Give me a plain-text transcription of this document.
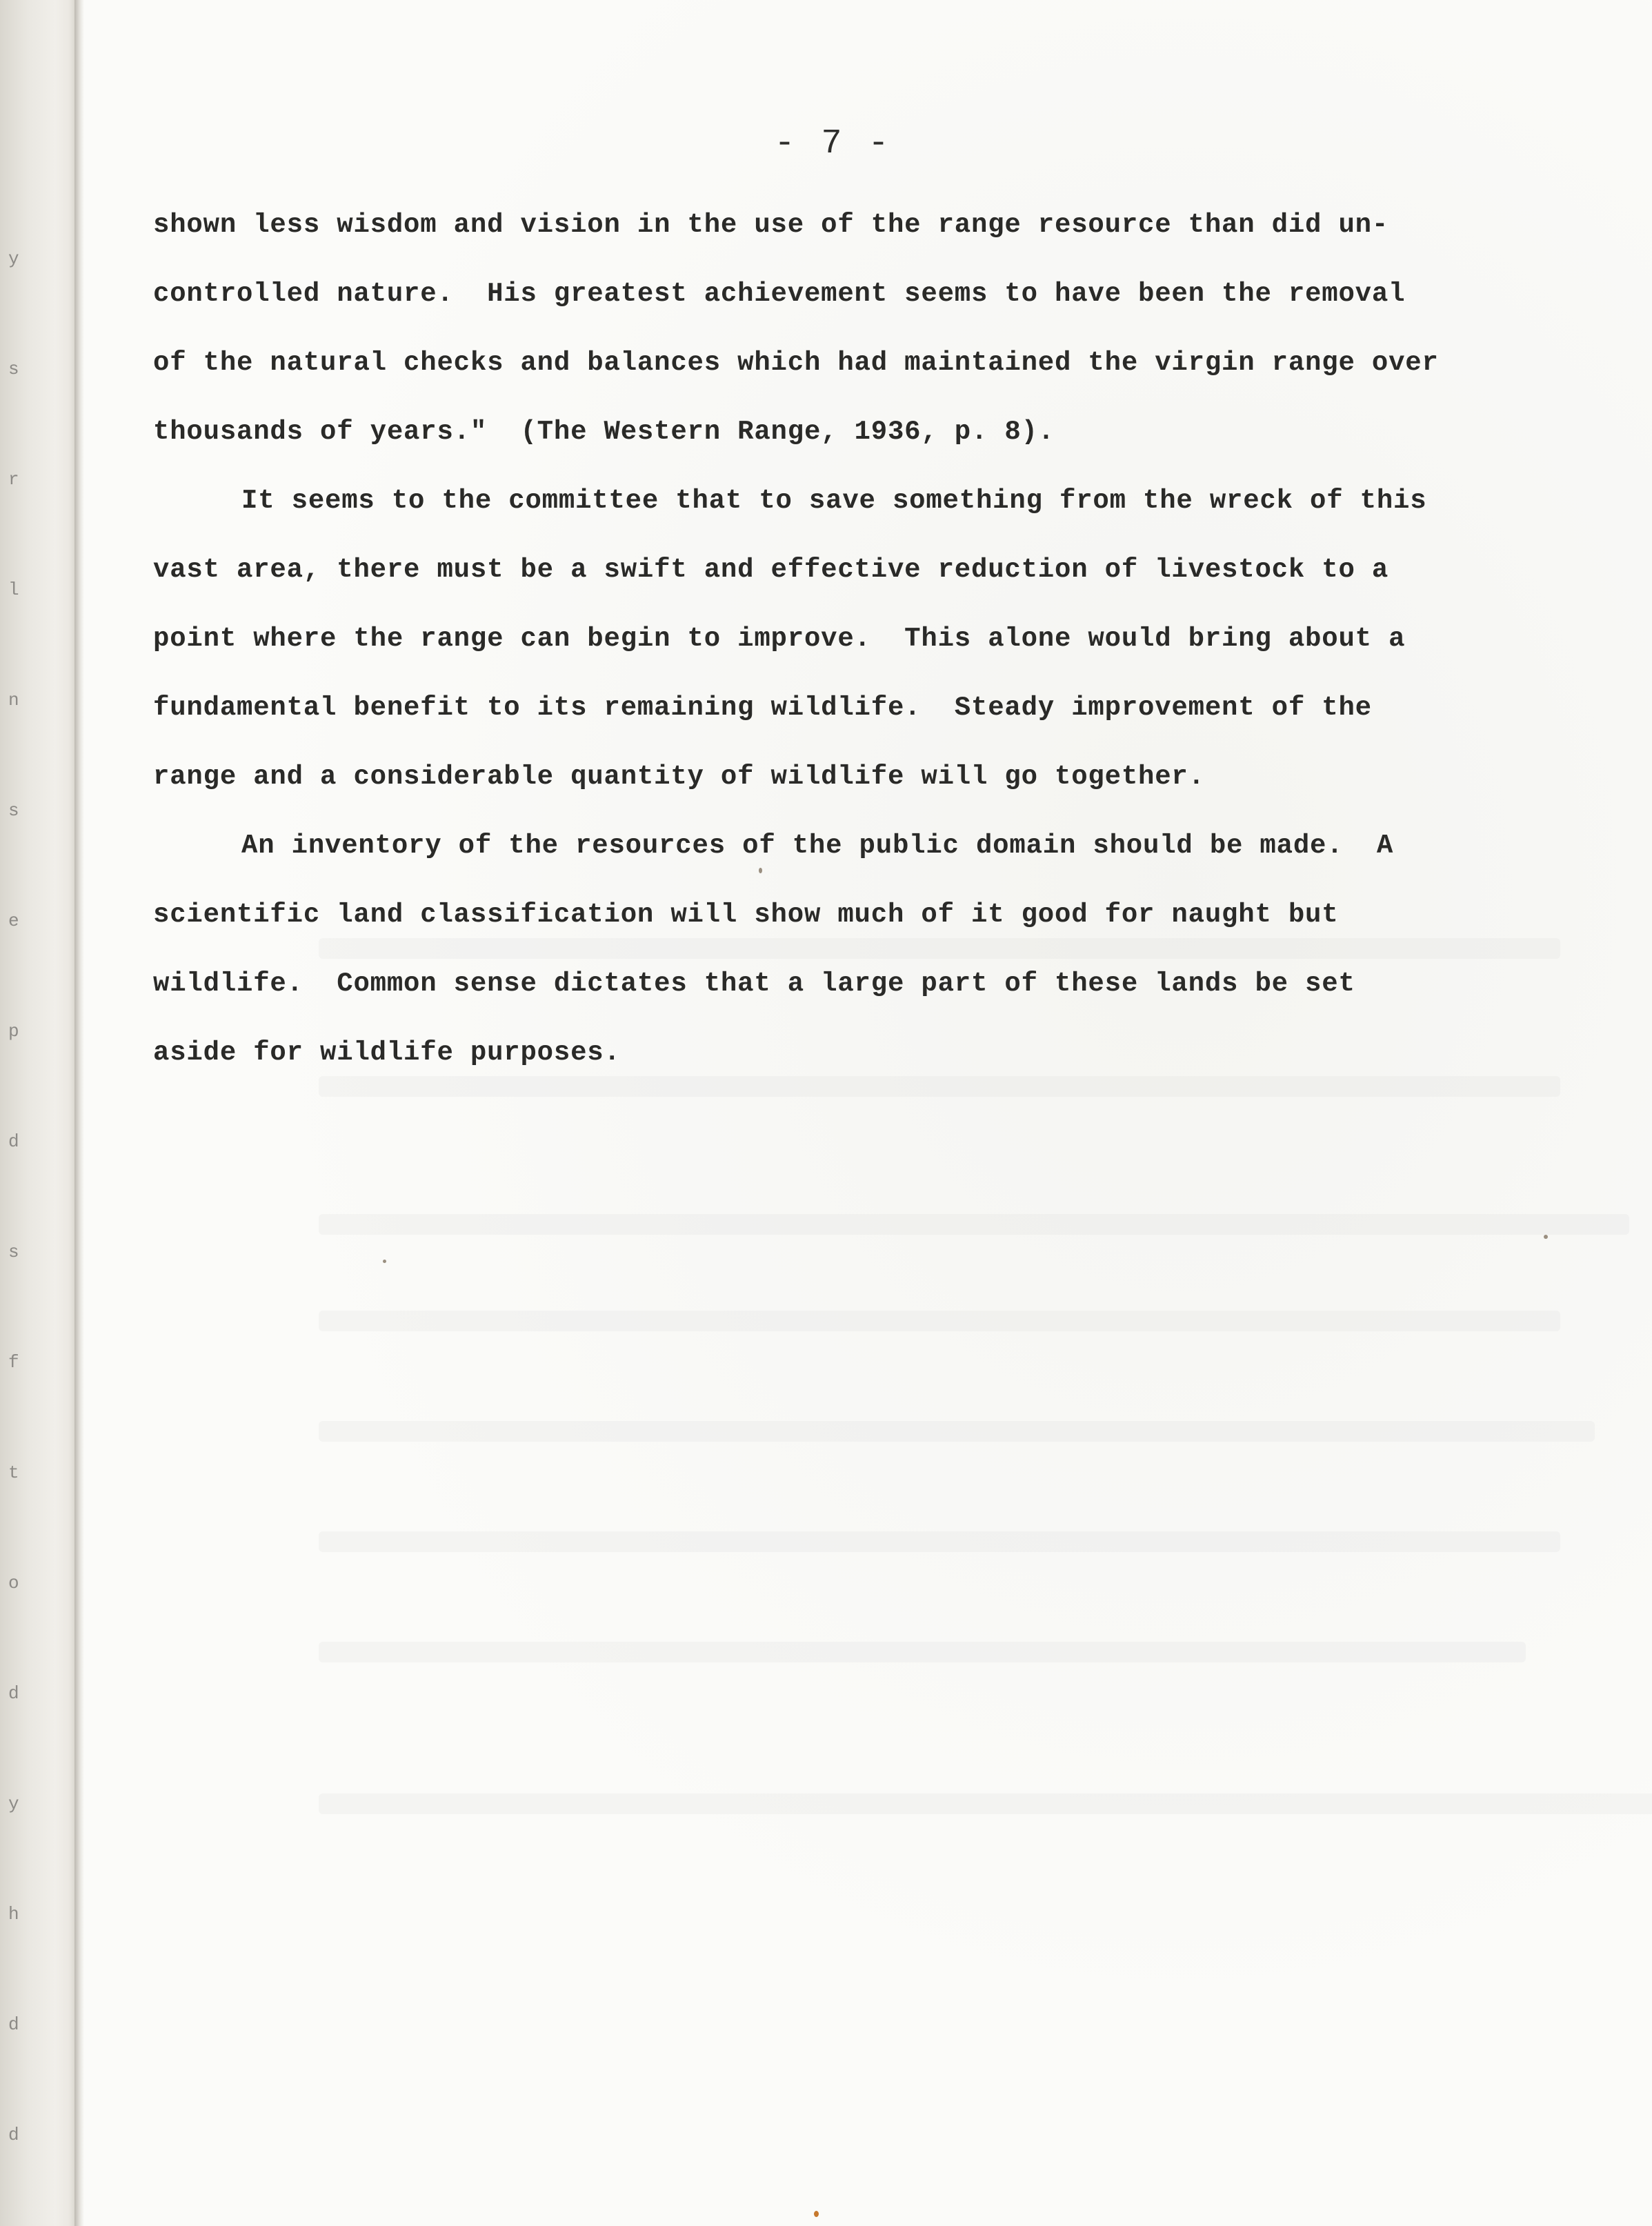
y
s
r
l
n
s
e
p
d
s
f
t
o
d
y
h
d
d
- 7 -

shown less wisdom and vision in the use of the range resource than did un-
controlled nature.  His greatest achievement seems to have been the removal
of the natural checks and balances which had maintained the virgin range over
thousands of years."  (The Western Range, 1936, p. 8).

It seems to the committee that to save something from the wreck of this
vast area, there must be a swift and effective reduction of livestock to a
point where the range can begin to improve.  This alone would bring about a
fundamental benefit to its remaining wildlife.  Steady improvement of the
range and a considerable quantity of wildlife will go together.

An inventory of the resources of the public domain should be made.  A
scientific land classification will show much of it good for naught but
wildlife.  Common sense dictates that a large part of these lands be set
aside for wildlife purposes.
